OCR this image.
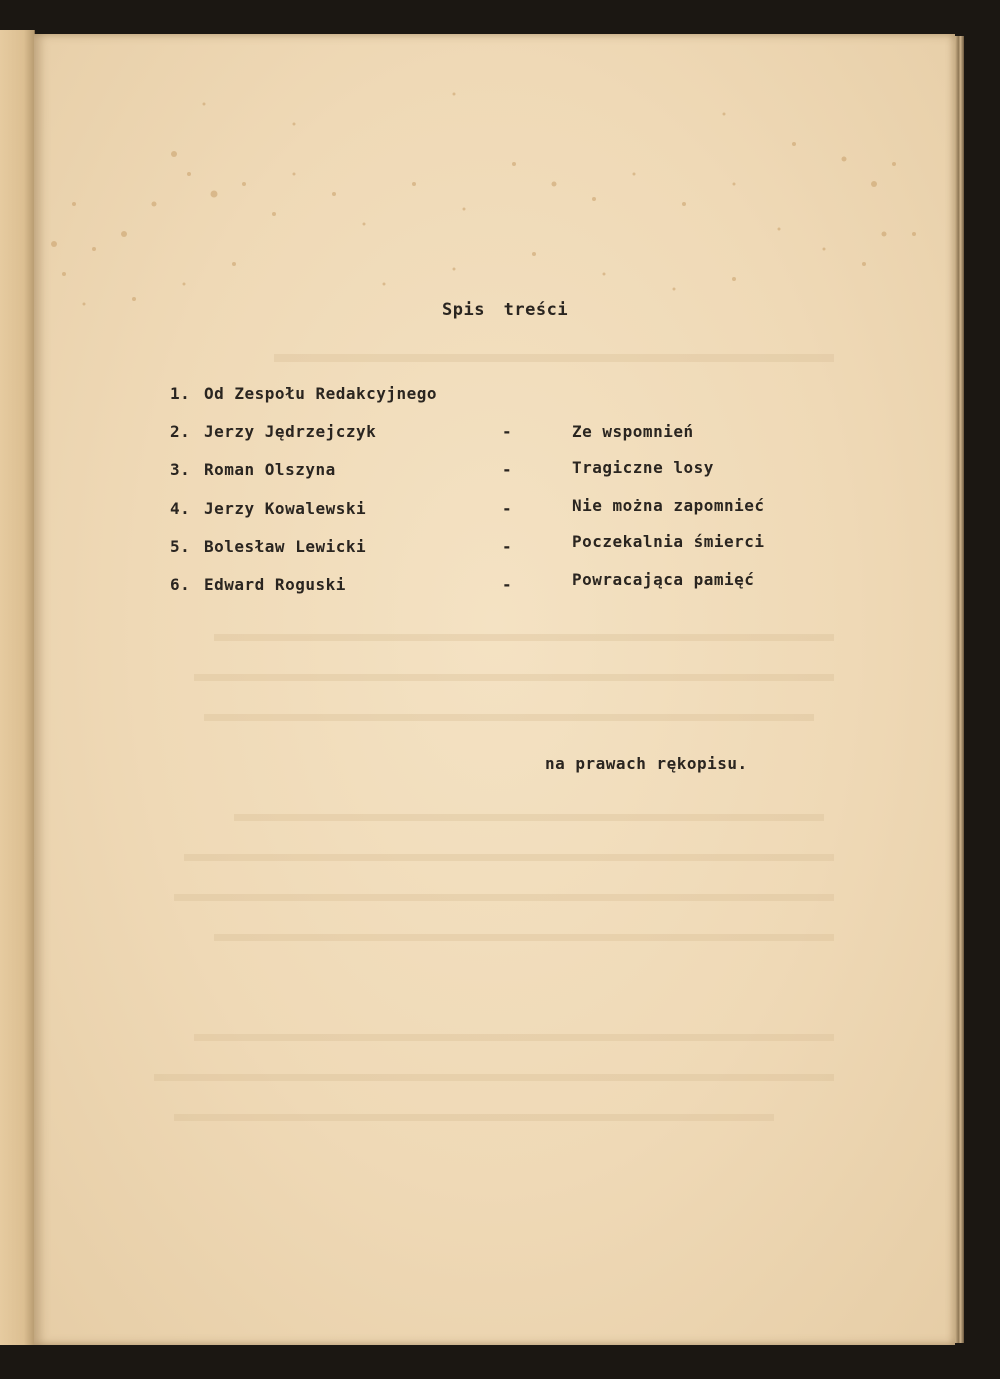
Spis treści
1. Od Zespołu Redakcyjnego
2. Jerzy Jędrzejczyk	-	Ze wspomnień
3. Roman Olszyna	-	Tragiczne losy
4. Jerzy Kowalewski	-	Nie można zapomnieć
5. Bolesław Lewicki	-	Poczekalnia śmierci
6. Edward Roguski	-	Powracająca pamięć
na prawach rękopisu.
